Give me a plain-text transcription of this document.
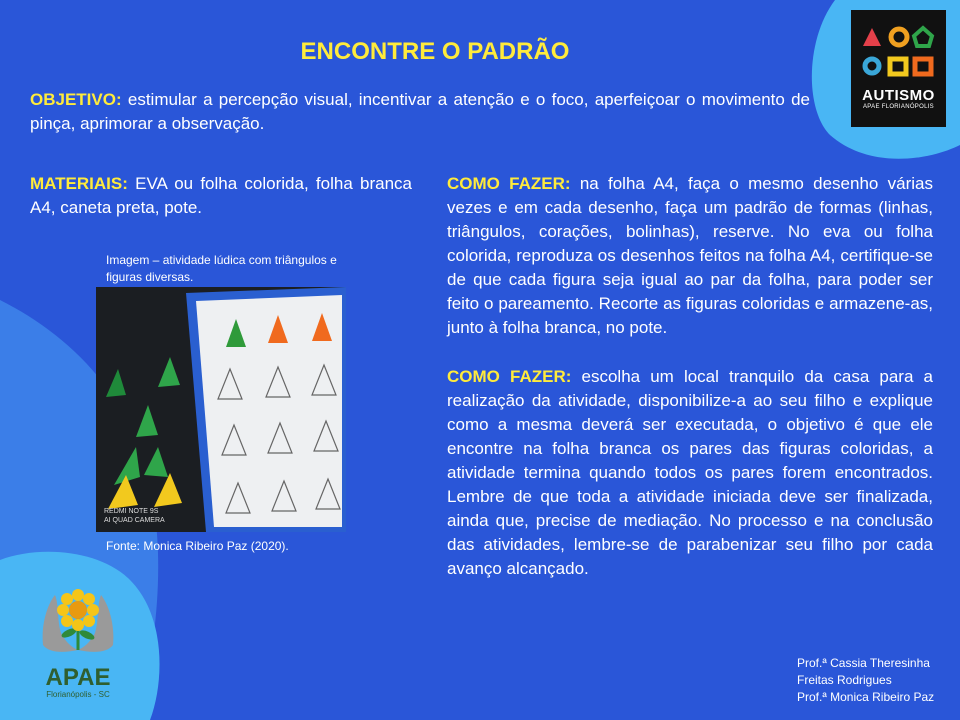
ENCONTRE O PADRÃO
OBJETIVO: estimular a percepção visual, incentivar a atenção e o foco, aperfeiçoar o movimento de pinça, aprimorar a observação.
MATERIAIS: EVA ou folha colorida, folha branca A4, caneta preta, pote.
COMO FAZER: na folha A4, faça o mesmo desenho várias vezes e em cada desenho, faça um padrão de formas (linhas, triângulos, corações, bolinhas), reserve. No eva ou folha colorida, reproduza os desenhos feitos na folha A4, certifique-se de que cada figura seja igual ao par da folha, para poder ser feito o pareamento. Recorte as figuras coloridas e armazene-as, junto à folha branca, no pote.
COMO FAZER: escolha um local tranquilo da casa para a realização da atividade, disponibilize-a ao seu filho e explique como a mesma deverá ser executada, o objetivo é que ele encontre na folha branca os pares das figuras coloridas, a atividade termina quando todos os pares forem encontrados. Lembre de que toda a atividade iniciada deve ser finalizada, ainda que, precise de mediação. No processo e na conclusão das atividades, lembre-se de parabenizar seu filho por cada avanço alcançado.
Imagem – atividade lúdica com triângulos e figuras diversas.
REDMI NOTE 9S
AI QUAD CAMERA
Fonte: Monica Ribeiro Paz (2020).
AUTISMO
APAE FLORIANÓPOLIS
APAE
Florianópolis - SC
Prof.ª Cassia Theresinha
Freitas Rodrigues
Prof.ª Monica Ribeiro Paz
